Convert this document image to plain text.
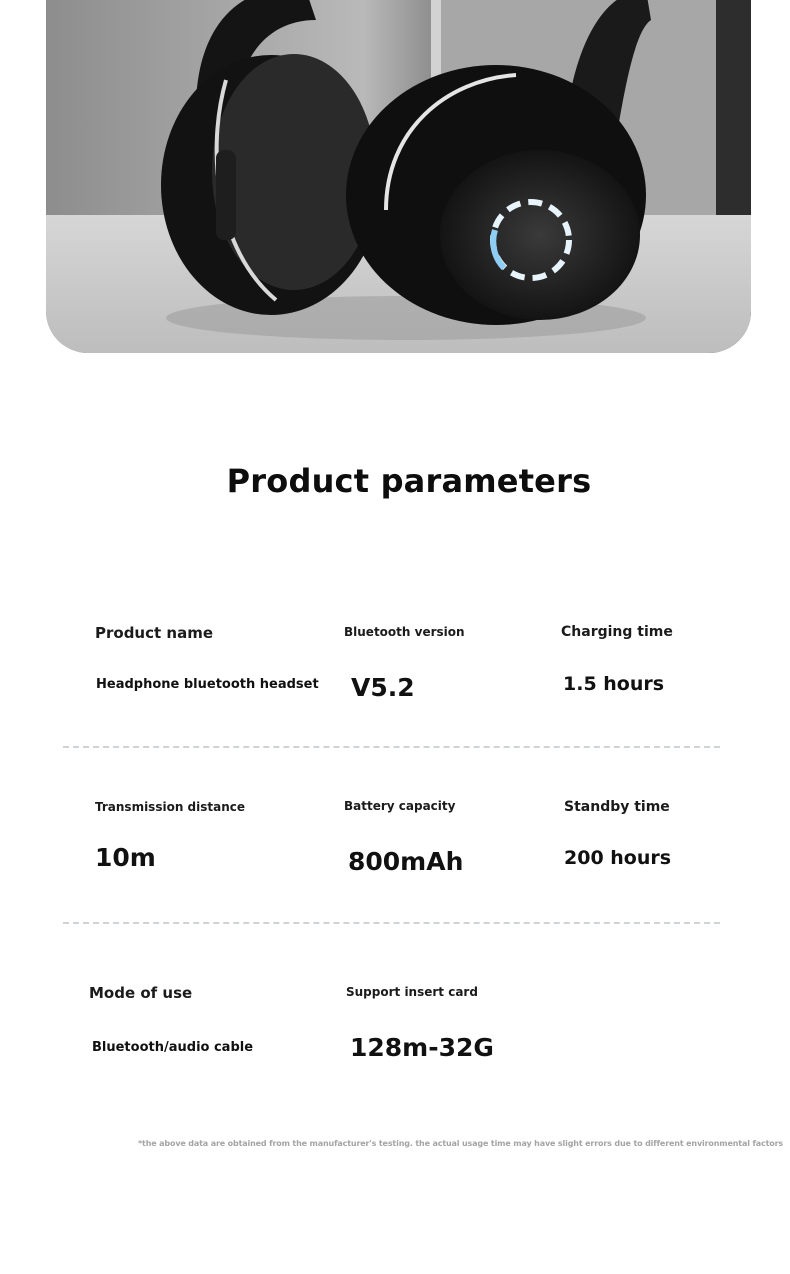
Product parameters
Product name
Headphone bluetooth headset
Bluetooth version
V5.2
Charging time
1.5 hours
Transmission distance
10m
Battery capacity
800mAh
Standby time
200 hours
Mode of use
Bluetooth/audio cable
Support insert card
128m-32G
*the above data are obtained from the manufacturer's testing. the actual usage time may have slight errors due to different environmental factors
